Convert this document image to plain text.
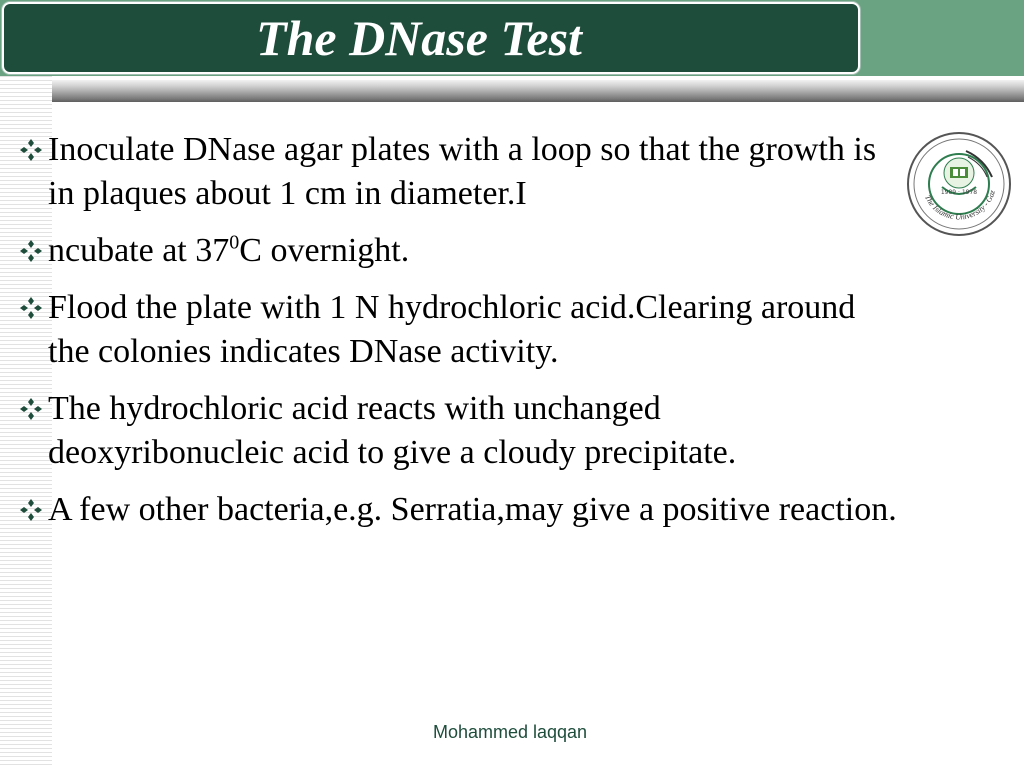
The DNase Test
Inoculate DNase agar plates with a loop so that the growth is in plaques about 1 cm in diameter.I
ncubate at $37^0C$ overnight.
Flood the plate with 1 N hydrochloric acid.Clearing around the colonies indicates DNase activity.
The hydrochloric acid reacts with unchanged deoxyribonucleic acid to give a cloudy precipitate.
A few other bacteria,e.g. Serratia,may give a positive reaction.
1989 · 1978
The Islamic University - Gaz
Mohammed laqqan
